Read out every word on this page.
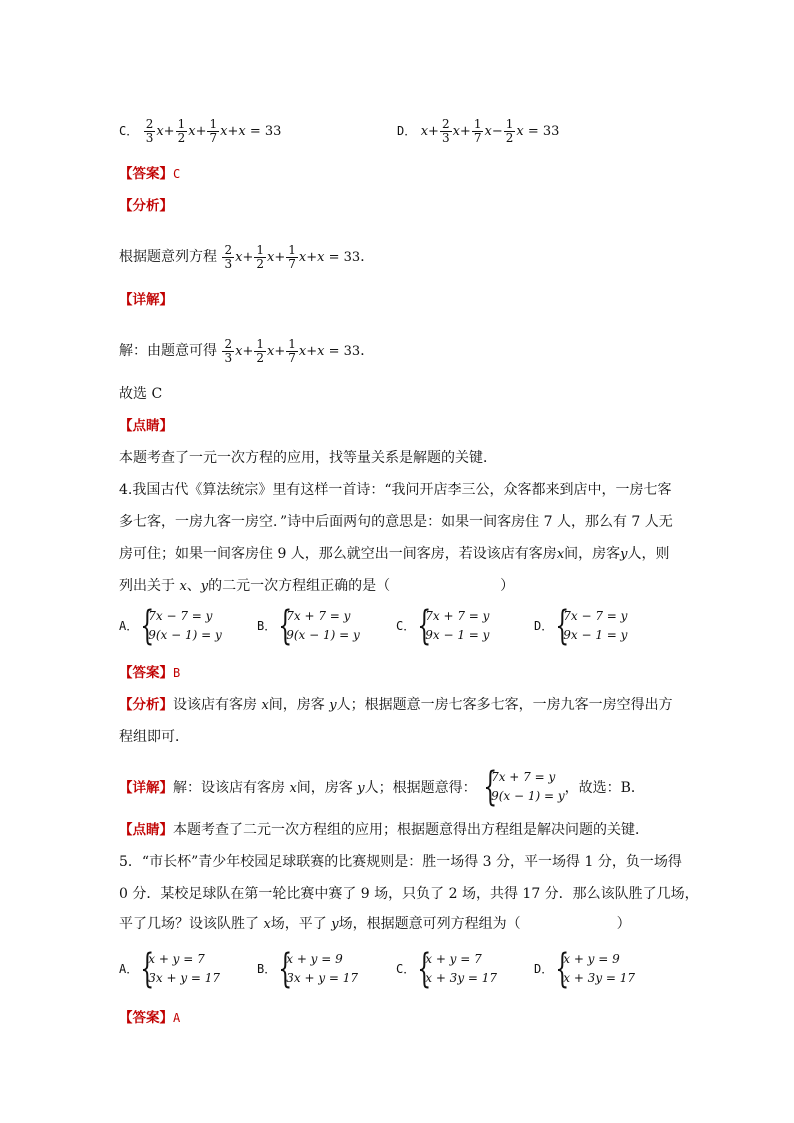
C． $\frac{2}{3} x+ \frac{1}{2} x+ \frac{1}{7} x+x = 33$	D． $x+ \frac{2}{3} x+ \frac{1}{7} x- \frac{1}{2}$ x = 33
【答案】C
【分析】
根据题意列方程 $\frac{2}{3} x+ \frac{1}{2} x+ \frac{1}{7} x+x = 33$．
【详解】
解：由题意可得 $\frac{2}{3} x+ \frac{1}{2} x+ \frac{1}{7} x+x = 33$．
故选 C
【点睛】
本题考查了一元一次方程的应用，找等量关系是解题的关键．
4.我国古代《算法统宗》里有这样一首诗：“我问开店李三公，众客都来到店中，一房七客
多七客，一房九客一房空．”诗中后面两句的意思是：如果一间客房住 7 人，那么有 7 人无
房可住；如果一间客房住 9 人，那么就空出一间客房，若设该店有客房x间，房客y人，则
列出关于 x、y的二元一次方程组正确的是（	）
A． {
7x − 7 = y
9(x − 1) = y
B． {
7x + 7 = y
9(x − 1) = y
C． {
7x + 7 = y
9x − 1 = y
D． {
7x − 7 = y
9x − 1 = y
【答案】B
【分析】设该店有客房 x间，房客 y人；根据题意一房七客多七客，一房九客一房空得出方
程组即可．
【详解】解：设该店有客房 x间，房客 y人；根据题意得： {
7x + 7 = y
9(x − 1) = y ，故选：B．
【点睛】本题考查了二元一次方程组的应用；根据题意得出方程组是解决问题的关键．
5．“市长杯”青少年校园足球联赛的比赛规则是：胜一场得 3 分，平一场得 1 分，负一场得
0 分．某校足球队在第一轮比赛中赛了 9 场，只负了 2 场，共得 17 分．那么该队胜了几场，
平了几场？设该队胜了 x场，平了 y场，根据题意可列方程组为（	）
A． {
x + y = 7
3x + y = 17
B． {
x + y = 9
3x + y = 17
C． {
x + y = 7
x + 3y = 17
D． {
x + y = 9
x + 3y = 17
【答案】A
